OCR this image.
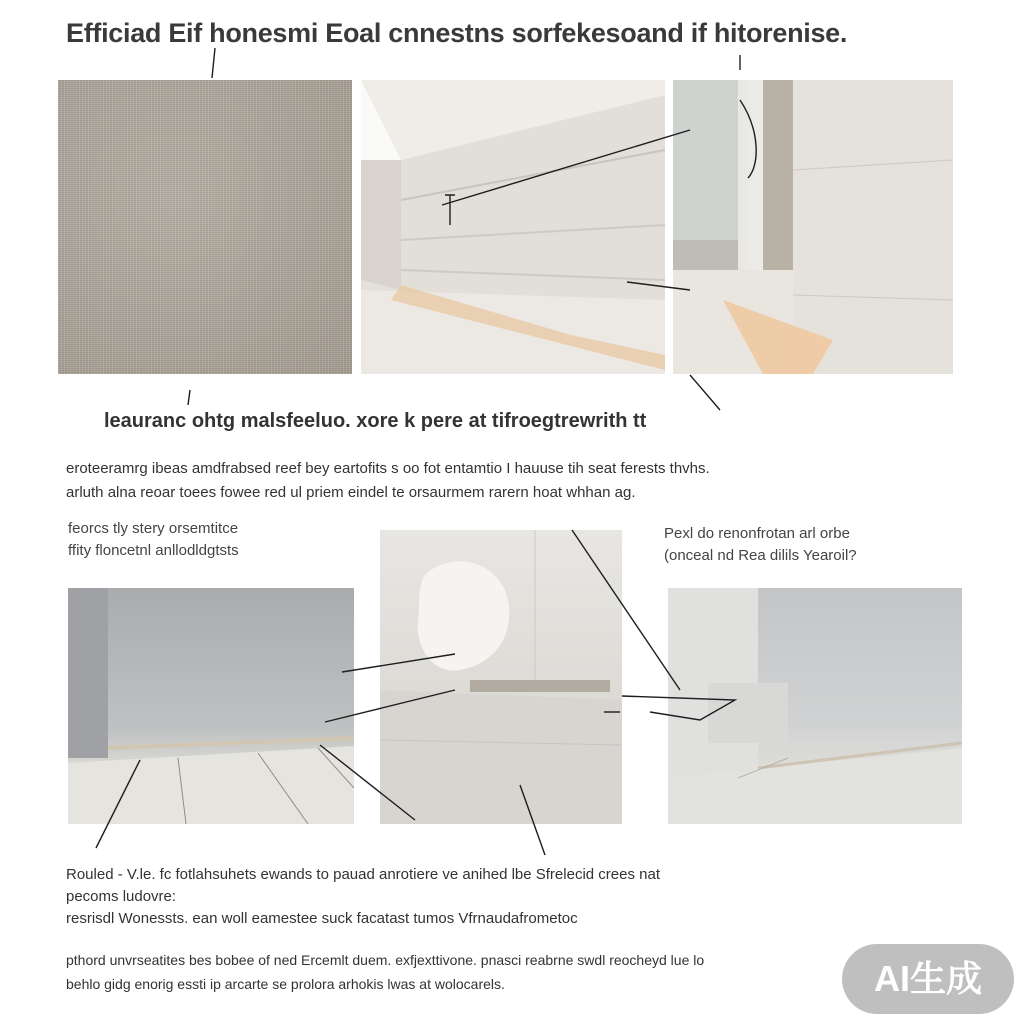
Efficiad Eif honesmi Eoal cnnestns sorfekesoand if hitorenise.
leauranc ohtg malsfeeluo. xore k pere at tifroegtrewrith tt
eroteeramrg ibeas amdfrabsed reef bey eartofits s oo fot entamtio I hauuse tih seat ferests thvhs.
arluth alna reoar toees fowee red ul priem eindel te orsaurmem rarern hoat whhan ag.
feorcs tly stery orsemtitce
ffity floncetnl anllodldgtsts
Pexl do renonfrotan arl orbe
(onceal nd Rea dilils Yearoil?
Rouled - V.le. fc fotlahsuhets ewands to pauad anrotiere ve anihed lbe Sfrelecid crees nat
pecoms ludovre:
resrisdl Wonessts. ean woll eamestee suck facatast tumos Vfrnaudafrometoc
pthord unvrseatites bes bobee of ned Ercemlt duem. exfjexttivone. pnasci reabrne swdl reocheyd lue lo
behlo gidg enorig essti ip arcarte se prolora arhokis lwas at wolocarels.	AI生成
